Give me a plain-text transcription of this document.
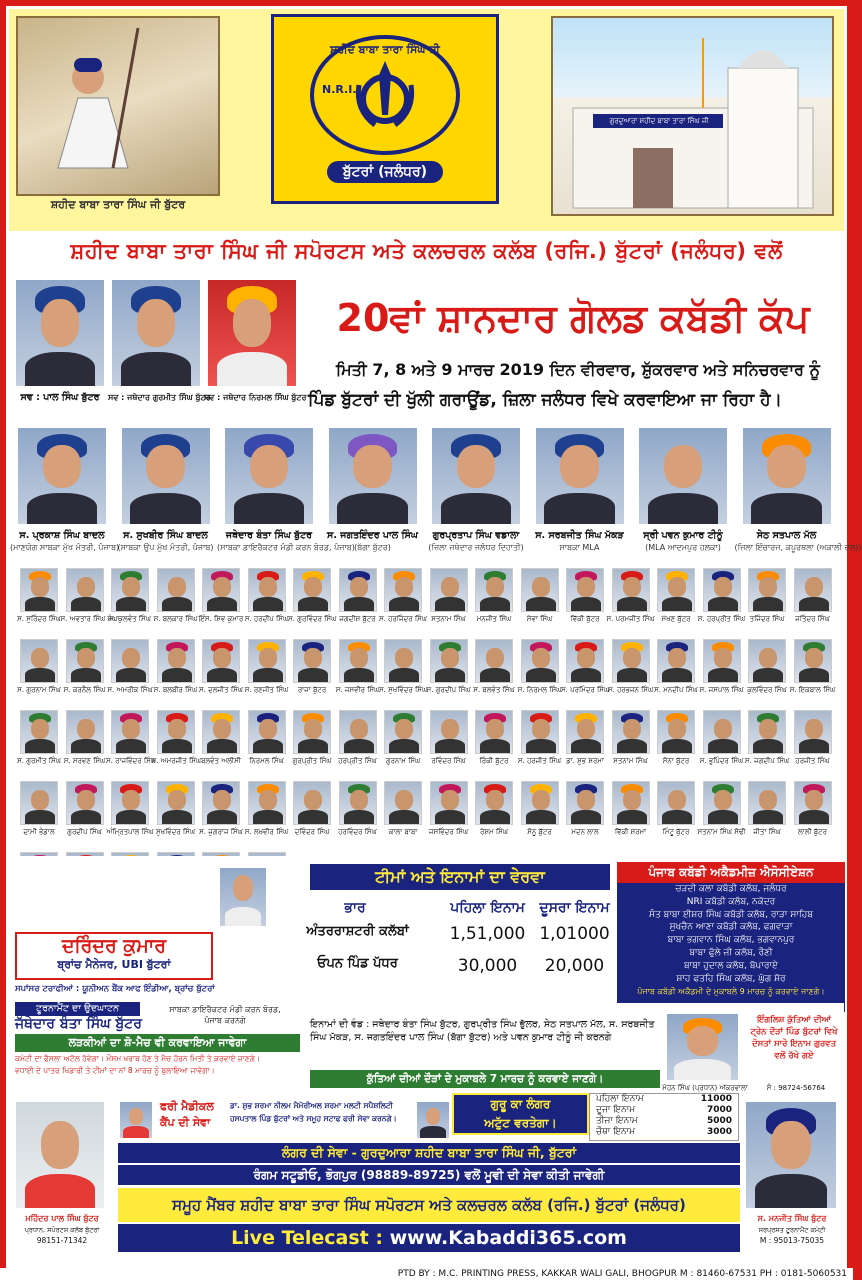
ਸ਼ਹੀਦ ਬਾਬਾ ਤਾਰਾ ਸਿੰਘ ਜੀ ਬੁੱਟਰ
ਸ਼ਹੀਦ ਬਾਬਾ ਤਾਰਾ ਸਿੰਘ ਜੀ
N.R.I.
ਬੁੱਟਰਾਂ (ਜਲੰਧਰ)
ਗੁਰਦੁਆਰਾ ਸ਼ਹੀਦ ਬਾਬਾ ਤਾਰਾ ਸਿੰਘ ਜੀ
ਸ਼ਹੀਦ ਬਾਬਾ ਤਾਰਾ ਸਿੰਘ ਜੀ ਸਪੋਰਟਸ ਅਤੇ ਕਲਚਰਲ ਕਲੱਬ (ਰਜਿ.) ਬੁੱਟਰਾਂ (ਜਲੰਧਰ) ਵਲੋਂ
ਸਵ : ਪਾਲ ਸਿੰਘ ਬੁੱਟਰ	ਸਵ : ਜਥੇਦਾਰ ਗੁਰਮੀਤ ਸਿੰਘ ਬੁੱਟਰ
ਸਵ : ਜਥੇਦਾਰ ਨਿਰਮਲ ਸਿੰਘ ਬੁੱਟਰ
20ਵਾਂ ਸ਼ਾਨਦਾਰ ਗੋਲਡ ਕਬੱਡੀ ਕੱਪ
ਮਿਤੀ 7, 8 ਅਤੇ 9 ਮਾਰਚ 2019 ਦਿਨ ਵੀਰਵਾਰ, ਸ਼ੁੱਕਰਵਾਰ ਅਤੇ ਸਨਿਚਰਵਾਰ ਨੂੰ
ਪਿੰਡ ਬੁੱਟਰਾਂ ਦੀ ਖੁੱਲੀ ਗਰਾਊਂਡ, ਜ਼ਿਲਾ ਜਲੰਧਰ ਵਿਖੇ ਕਰਵਾਇਆ ਜਾ ਰਿਹਾ ਹੈ।
ਸ. ਪ੍ਰਕਾਸ਼ ਸਿੰਘ ਬਾਦਲ
(ਮਾਣਯੋਗ ਸਾਬਕਾ ਮੁੱਖ ਮੰਤਰੀ, ਪੰਜਾਬ)
ਸ. ਸੁਖਬੀਰ ਸਿੰਘ ਬਾਦਲ
(ਸਾਬਕਾ ਉਪ ਮੁੱਖ ਮੰਤਰੀ, ਪੰਜਾਬ)
ਜਥੇਦਾਰ ਬੰਤਾ ਸਿੰਘ ਬੁੱਟਰ
(ਸਾਬਕਾ ਡਾਇਰੈਕਟਰ ਮੰਡੀ ਕਰਨ ਬੋਰਡ, ਪੰਜਾਬ)
ਸ. ਜਗਤਇੰਦਰ ਪਾਲ ਸਿੰਘ
(ਬੱਗਾ ਬੁੱਟਰ)
ਗੁਰਪ੍ਰਤਾਪ ਸਿੰਘ ਵਡਾਲਾ
(ਜ਼ਿਲਾ ਜਥੇਦਾਰ ਜਲੰਧਰ ਦਿਹਾਤੀ)
ਸ. ਸਰਬਜੀਤ ਸਿੰਘ ਮੱਕੜ
ਸਾਬਕਾ MLA
ਸ੍ਰੀ ਪਵਨ ਕੁਮਾਰ ਟੀਨੂੰ
(MLA ਆਦਮਪੁਰ ਹਲਕਾ)
ਸੇਠ ਸਤਪਾਲ ਮੱਲ
(ਜ਼ਿਲਾ ਇੰਚਾਰਜ, ਕਪੂਰਥਲਾ (ਅਕਾਲੀ ਦਲ))
ਸ. ਸੁਰਿੰਦਰ ਸਿੰਘ ਸ. ਅਵਤਾਰ ਸਿੰਘ ਸੰਘਾ
ਸ. ਕੁਲਵੰਤ ਸਿੰਘ ਸ. ਬਲਕਾਰ ਸਿੰਘ ਇੰਸ. ਸ਼ਿਵ ਕੁਮਾਰ ਸ. ਹਰਦੀਪ ਸਿੰਘ ਸ. ਗੁਰਵਿੰਦਰ ਸਿੰਘ ਜਗਦੀਸ਼ ਬੁੱਟਰ ਸ. ਹਰਜਿੰਦਰ ਸਿੰਘ ਸਤਨਾਮ ਸਿੰਘ	ਮਨਜੀਤ ਸਿੰਘ	ਸੇਵਾ ਸਿੰਘ	ਵਿੱਕੀ ਬੁੱਟਰ	ਸ. ਪਰਮਜੀਤ ਸਿੰਘ ਮੱਖਣ ਬੁੱਟਰ	ਸ. ਹਰਪ੍ਰੀਤ ਸਿੰਘ ਤਜਿੰਦਰ ਸਿੰਘ	ਜਤਿੰਦਰ ਸਿੰਘ
ਸ. ਗੁਰਨਾਮ ਸਿੰਘ ਸ. ਕਰਨੈਲ ਸਿੰਘ ਸ. ਅਮਰੀਕ ਸਿੰਘ ਸ. ਬਲਬੀਰ ਸਿੰਘ ਸ. ਦਲਜੀਤ ਸਿੰਘ ਸ. ਰਣਜੀਤ ਸਿੰਘ	ਰਾਜਾ ਬੁੱਟਰ	ਸ. ਜਸਵੀਰ ਸਿੰਘ ਸ. ਸੁਖਵਿੰਦਰ ਸਿੰਘ ਸ. ਗੁਰਦੀਪ ਸਿੰਘ ਸ. ਬਲਵੰਤ ਸਿੰਘ ਸ. ਨਿਰਮਲ ਸਿੰਘ ਸ. ਪਰਮਿੰਦਰ ਸਿੰਘ
ਸ. ਹਰਭਜਨ ਸਿੰਘ ਸ. ਮਨਦੀਪ ਸਿੰਘ ਸ. ਜਸਪਾਲ ਸਿੰਘ ਕੁਲਵਿੰਦਰ ਸਿੰਘ ਸ. ਇਕਬਾਲ ਸਿੰਘ
ਸ. ਗੁਰਮੀਤ ਸਿੰਘ ਸ. ਸਰਵਣ ਸਿੰਘ ਸ. ਰਾਜਵਿੰਦਰ ਸਿੰਘ
ਸ. ਅਮਰਜੀਤ ਸਿੰਘ ਬਲਵੰਤ ਅਲੀਸੀ	ਨਿਰਮਲ ਸਿੰਘ	ਗੁਰਪ੍ਰੀਤ ਸਿੰਘ ਹਰਪ੍ਰੀਤ ਸਿੰਘ	ਗੁਰਨਾਮ ਸਿੰਘ	ਰਵਿੰਦਰ ਸਿੰਘ	ਰਿੰਕੀ ਬੁੱਟਰ	ਸ. ਹਰਜੀਤ ਸਿੰਘ ਡਾ. ਸ਼ੁਭ ਸ਼ਰਮਾ	ਸਤਨਾਮ ਸਿੰਘ	ਸੋਨਾ ਬੁੱਟਰ	ਸ. ਭੁਪਿੰਦਰ ਸਿੰਘ ਸ. ਜਗਦੀਪ ਸਿੰਘ ਹਰਜੀਤ ਸਿੰਘ
ਦਾਮੀ ਭੰਡਾਲ	ਗੁਰਦੀਪ ਸਿੰਘ ਅੰਮ੍ਰਿਤਪਾਲ ਸਿੰਘ ਸੁਖਵਿੰਦਰ ਸਿੰਘ ਸ. ਜੁਗਰਾਜ ਸਿੰਘ ਸ. ਲਖਵੀਰ ਸਿੰਘ ਦਵਿੰਦਰ ਸਿੰਘ	ਹਰਵਿੰਦਰ ਸਿੰਘ	ਕਾਲਾ ਬਾਬਾ	ਜਸਵਿੰਦਰ ਸਿੰਘ	ਰੇਸ਼ਮ ਸਿੰਘ	ਸੋਨੂ ਬੁੱਟਰ	ਮਦਨ ਲਾਲ	ਵਿੱਕੀ ਸ਼ਰਮਾ	ਮਿੰਟੂ ਬੁੱਟਰ	ਸਤਨਾਮ ਸਿੰਘ ਸੋਢੀ	ਜੀਤਾ ਸਿੰਘ	ਲਾਲੀ ਬੁੱਟਰ
ਦਰਿੰਦਰ ਕੁਮਾਰ
ਬ੍ਰਾਂਚ ਮੈਨੇਜਰ, UBI ਬੁੱਟਰਾਂ
ਸਪਾਂਸਰ ਟਰਾਫੀਆਂ : ਯੂਨੀਅਨ ਬੈਂਕ ਆਫ ਇੰਡੀਆ, ਬ੍ਰਾਂਚ ਬੁੱਟਰਾਂ
ਟੀਮਾਂ ਅਤੇ ਇਨਾਮਾਂ ਦਾ ਵੇਰਵਾ
ਭਾਰ	ਪਹਿਲਾ ਇਨਾਮ	ਦੂਸਰਾ ਇਨਾਮ
ਅੰਤਰਰਾਸ਼ਟਰੀ ਕਲੱਬਾਂ	1,51,000 1,01000
ਓਪਨ ਪਿੰਡ ਪੱਧਰ	30,000	20,000
ਪੰਜਾਬ ਕਬੱਡੀ ਅਕੈਡਮੀਜ਼ ਐਸੋਸੀਏਸ਼ਨ
ਚੜਦੀ ਕਲਾ ਕਬੱਡੀ ਕਲੱਬ, ਜਲੰਧਰ
NRI ਕਬੱਡੀ ਕਲੱਬ, ਨਕੋਦਰ
ਸੰਤ ਬਾਬਾ ਈਸ਼ਰ ਸਿੰਘ ਕਬੱਡੀ ਕਲੱਬ, ਰਾੜਾ ਸਾਹਿਬ
ਸੁਖਚੈਨ ਆਣਾ ਕਬੱਡੀ ਕਲੱਬ, ਫਗਵਾੜਾ
ਬਾਬਾ ਭਗਵਾਨ ਸਿੰਘ ਕਲੱਬ, ਭਗਵਾਨਪੁਰ
ਬਾਬਾ ਫੁੱਲੇ ਜੀ ਕਲੱਬ, ਰੌਣੀ
ਬਾਬਾ ਹੁਦਾਲ ਕਲੱਬ, ਬੋਪਾਰਾਏ
ਸ਼ਾਹ ਫਤਹਿ ਸਿੰਘ ਕਲੱਬ, ਘੁੱਗ ਸ਼ੋਰ
ਪੰਜਾਬ ਕਬੱਡੀ ਅਕੈਡਮੀ ਦੇ ਮੁਕਾਬਲੇ 9 ਮਾਰਚ ਨੂੰ ਕਰਵਾਏ ਜਾਣਗੇ।
ਟੂਰਨਾਮੈਂਟ ਦਾ ਉਦਘਾਟਨ
ਜੱਥੇਦਾਰ ਬੰਤਾ ਸਿੰਘ ਬੁੱਟਰ
ਸਾਬਕਾ ਡਾਇਰੈਕਟਰ ਮੰਡੀ ਕਰਨ ਬੋਰਡ, ਪੰਜਾਬ ਕਰਨਗੇ
ਲੜਕੀਆਂ ਦਾ ਸ਼ੋ-ਮੈਚ ਵੀ ਕਰਵਾਇਆ ਜਾਵੇਗਾ
ਕਮੇਟੀ ਦਾ ਫੈਸਲਾ ਅਟੱਲ ਹੋਵੇਗਾ। ਮੌਸਮ ਖਰਾਬ ਹੋਣ ਤੇ ਮੈਚ ਹੋਰਨ ਮਿਤੀ ਤੇ ਕਰਵਾਏ ਜਾਣਗੇ।
ਵਧਾਈ ਦੇ ਪਾਤਰ ਖਿਡਾਰੀ ਤੇ ਟੀਮਾਂ ਦਾ ਨਾਂ 8 ਮਾਰਚ ਨੂੰ ਬੁਲਾਇਆ ਜਾਵੇਗਾ।
ਇਨਾਮਾਂ ਦੀ ਵੰਡ : ਜਥੇਦਾਰ ਬੰਤਾ ਸਿੰਘ ਬੁੱਟਰ, ਗੁਰਪ੍ਰੀਤ ਸਿੰਘ ਭੁੱਲਰ, ਸੇਠ ਸਤਪਾਲ ਮੱਲ, ਸ. ਸਰਬਜੀਤ ਸਿੰਘ ਮੱਕੜ, ਸ. ਜਗਤਇੰਦਰ ਪਾਲ ਸਿੰਘ (ਬੱਗਾ ਬੁੱਟਰ) ਅਤੇ ਪਵਨ ਕੁਮਾਰ ਟੀਨੂੰ ਜੀ ਕਰਨਗੇ
ਕੁੱਤਿਆਂ ਦੀਆਂ ਦੌੜਾਂ ਦੇ ਮੁਕਾਬਲੇ 7 ਮਾਰਚ ਨੂੰ ਕਰਵਾਏ ਜਾਣਗੇ।
ਮੋਹਨ ਸਿੰਘ (ਪ੍ਰਧਾਨ) ਅੱਕਰਵਾਲਾ	ਸੰ : 98724-56764
ਇੰਗਲਿਸ਼ ਕੁੱਤਿਆਂ ਦੀਆਂ ਟ੍ਰੇਨ ਦੌੜਾਂ ਪਿੰਡ ਬੁੱਟਰਾਂ ਵਿਖੇ ਦੋਸਤਾਂ ਸਾਰੇ ਇਨਾਮ ਗੁਰਵਤ ਵਲੋਂ ਰੱਖੇ ਗਏ
ਮਹਿੰਦਰ ਪਾਲ ਸਿੰਘ ਬੁੱਟਰ
ਪ੍ਰਧਾਨ, ਸਪੋਰਟਸ ਕਲੱਬ ਬੁੱਟਰਾਂ
98151-71342
ਫਰੀ ਮੈਡੀਕਲ
ਕੈਂਪ ਦੀ ਸੇਵਾ
ਡਾ. ਸ਼ੁਭ ਸ਼ਰਮਾ ਨੀਲਮ ਮੈਮੋਰੀਅਲ ਸ਼ਰਮਾ ਮਲਟੀ ਸਪੈਸ਼ਲਿਟੀ
ਹਸਪਤਾਲ ਪਿੰਡ ਬੁੱਟਰਾਂ ਅਤੇ ਸਮੂਹ ਸਟਾਫ ਫਰੀ ਸੇਵਾ ਕਰਨਗੇ।
ਗੁਰੂ ਕਾ ਲੰਗਰ
ਅਟੁੱਟ ਵਰਤੇਗਾ।
ਪਹਿਲਾ ਇਨਾਮ	11000
ਦੂਜਾ ਇਨਾਮ	7000
ਤੀਜਾ ਇਨਾਮ	5000
ਚੌਥਾ ਇਨਾਮ	3000
ਸ. ਮਨਜੀਤ ਸਿੰਘ ਬੁੱਟਰ
ਸਰਪ੍ਰਸਤ ਟੂਰਨਾਮੈਂਟ ਕਮੇਟੀ
M : 95013-75035
ਲੰਗਰ ਦੀ ਸੇਵਾ - ਗੁਰਦੁਆਰਾ ਸ਼ਹੀਦ ਬਾਬਾ ਤਾਰਾ ਸਿੰਘ ਜੀ, ਬੁੱਟਰਾਂ
ਰੰਗਮ ਸਟੂਡੀਓ, ਭੋਗਪੁਰ (98889-89725) ਵਲੋਂ ਮੂਵੀ ਦੀ ਸੇਵਾ ਕੀਤੀ ਜਾਵੇਗੀ
ਸਮੂਹ ਮੈਂਬਰ ਸ਼ਹੀਦ ਬਾਬਾ ਤਾਰਾ ਸਿੰਘ ਸਪੋਰਟਸ ਅਤੇ ਕਲਚਰਲ ਕਲੱਬ (ਰਜਿ.) ਬੁੱਟਰਾਂ (ਜਲੰਧਰ)
Live Telecast : www.Kabaddi365.com
PTD BY : M.C. PRINTING PRESS, KAKKAR WALI GALI, BHOGPUR M : 81460-67531 PH : 0181-5060531
